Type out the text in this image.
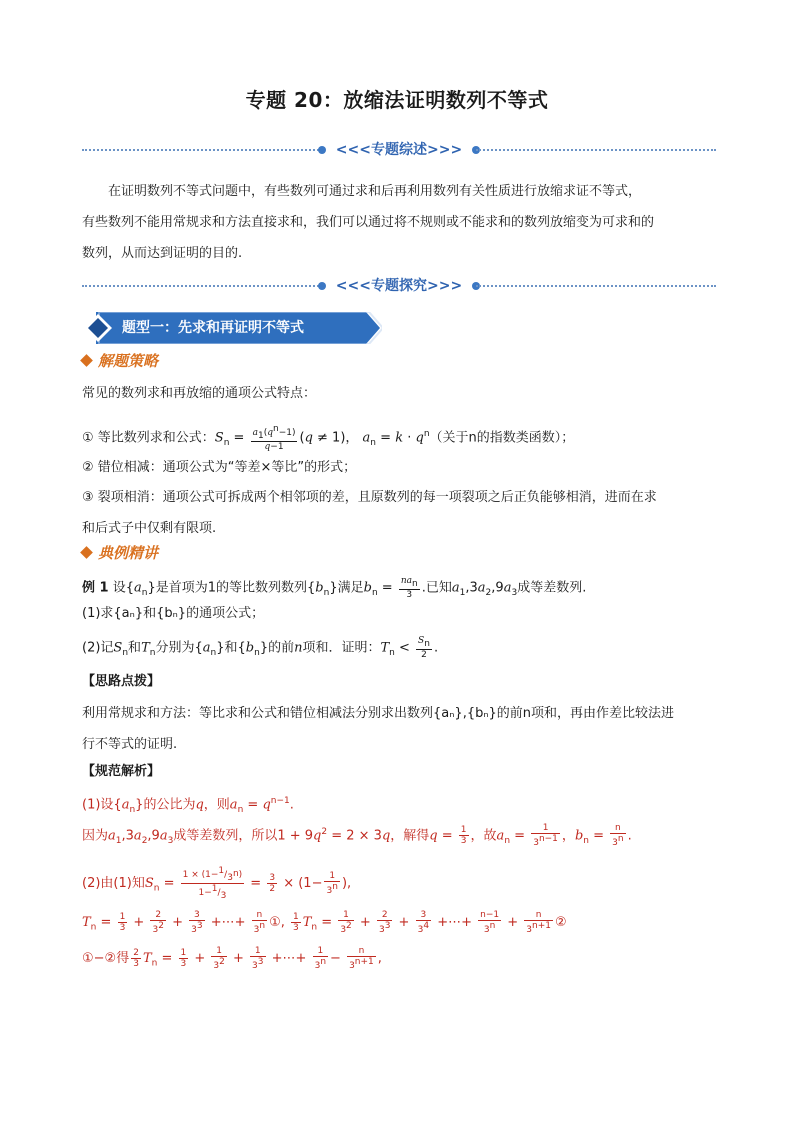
专题 20：放缩法证明数列不等式
<<<专题综述>>>
在证明数列不等式问题中，有些数列可通过求和后再利用数列有关性质进行放缩求证不等式，
有些数列不能用常规求和方法直接求和，我们可以通过将不规则或不能求和的数列放缩变为可求和的
数列，从而达到证明的目的.
<<<专题探究>>>
题型一：先求和再证明不等式
解题策略
常见的数列求和再放缩的通项公式特点：
① 等比数列求和公式：$S_n = \frac{a_1(q^n-1)}{q-1} (q \ne 1)$， $a_n = k \cdot q^n$（关于n的指数类函数）；
② 错位相减：通项公式为“等差×等比”的形式；
③ 裂项相消：通项公式可拆成两个相邻项的差，且原数列的每一项裂项之后正负能够相消，进而在求
和后式子中仅剩有限项.
典例精讲
例 1 设$\{a_n\}$是首项为1的等比数列数列$\{b_n\}$满足$b_n = \frac{na_n}{3}$ .已知$a_1,3a_2,9a_3$成等差数列.
(1)求{aₙ}和{bₙ}的通项公式；
(2)记$S_n$和$T_n$分别为$\{a_n\}$和$\{b_n\}$的前n项和．证明：$T_n < \frac{S_n}{2}$ .
【思路点拨】
利用常规求和方法：等比求和公式和错位相减法分别求出数列{aₙ},{bₙ}的前n项和，再由作差比较法进
行不等式的证明.
【规范解析】
(1)设$\{a_n\}$的公比为q，则$a_n = q^{n-1}$.
因为$a_1,3a_2,9a_3$成等差数列，所以$1 + 9q^2 = 2 \times 3q$，解得$q = \frac{1}{3}$ ，故$a_n = \frac{1}{3^{n-1}}$ ，$b_n = \frac{n}{3^n}$ .
(2)由(1)知$S_n = \frac{1 \times (1-^1/_{3^n})}{1-^1/_3} = \frac{3}{2} \times (1- \frac{1}{3^n}$ ),
$T_n = \frac{1}{3} + \frac{2}{3^2} + \frac{3}{3^3}$ +⋯+ $\frac{n}{3^n}$ ①, $\frac{1}{3} T_n = \frac{1}{3^2} + \frac{2}{3^3} + \frac{3}{3^4}$ +⋯+ $\frac{n-1}{3^n} + \frac{n}{3^{n+1}}$ ②
①−②得 $\frac{2}{3} T_n = \frac{1}{3} + \frac{1}{3^2} + \frac{1}{3^3}$ +⋯+ $\frac{1}{3^n} - \frac{n}{3^{n+1}}$ ,
